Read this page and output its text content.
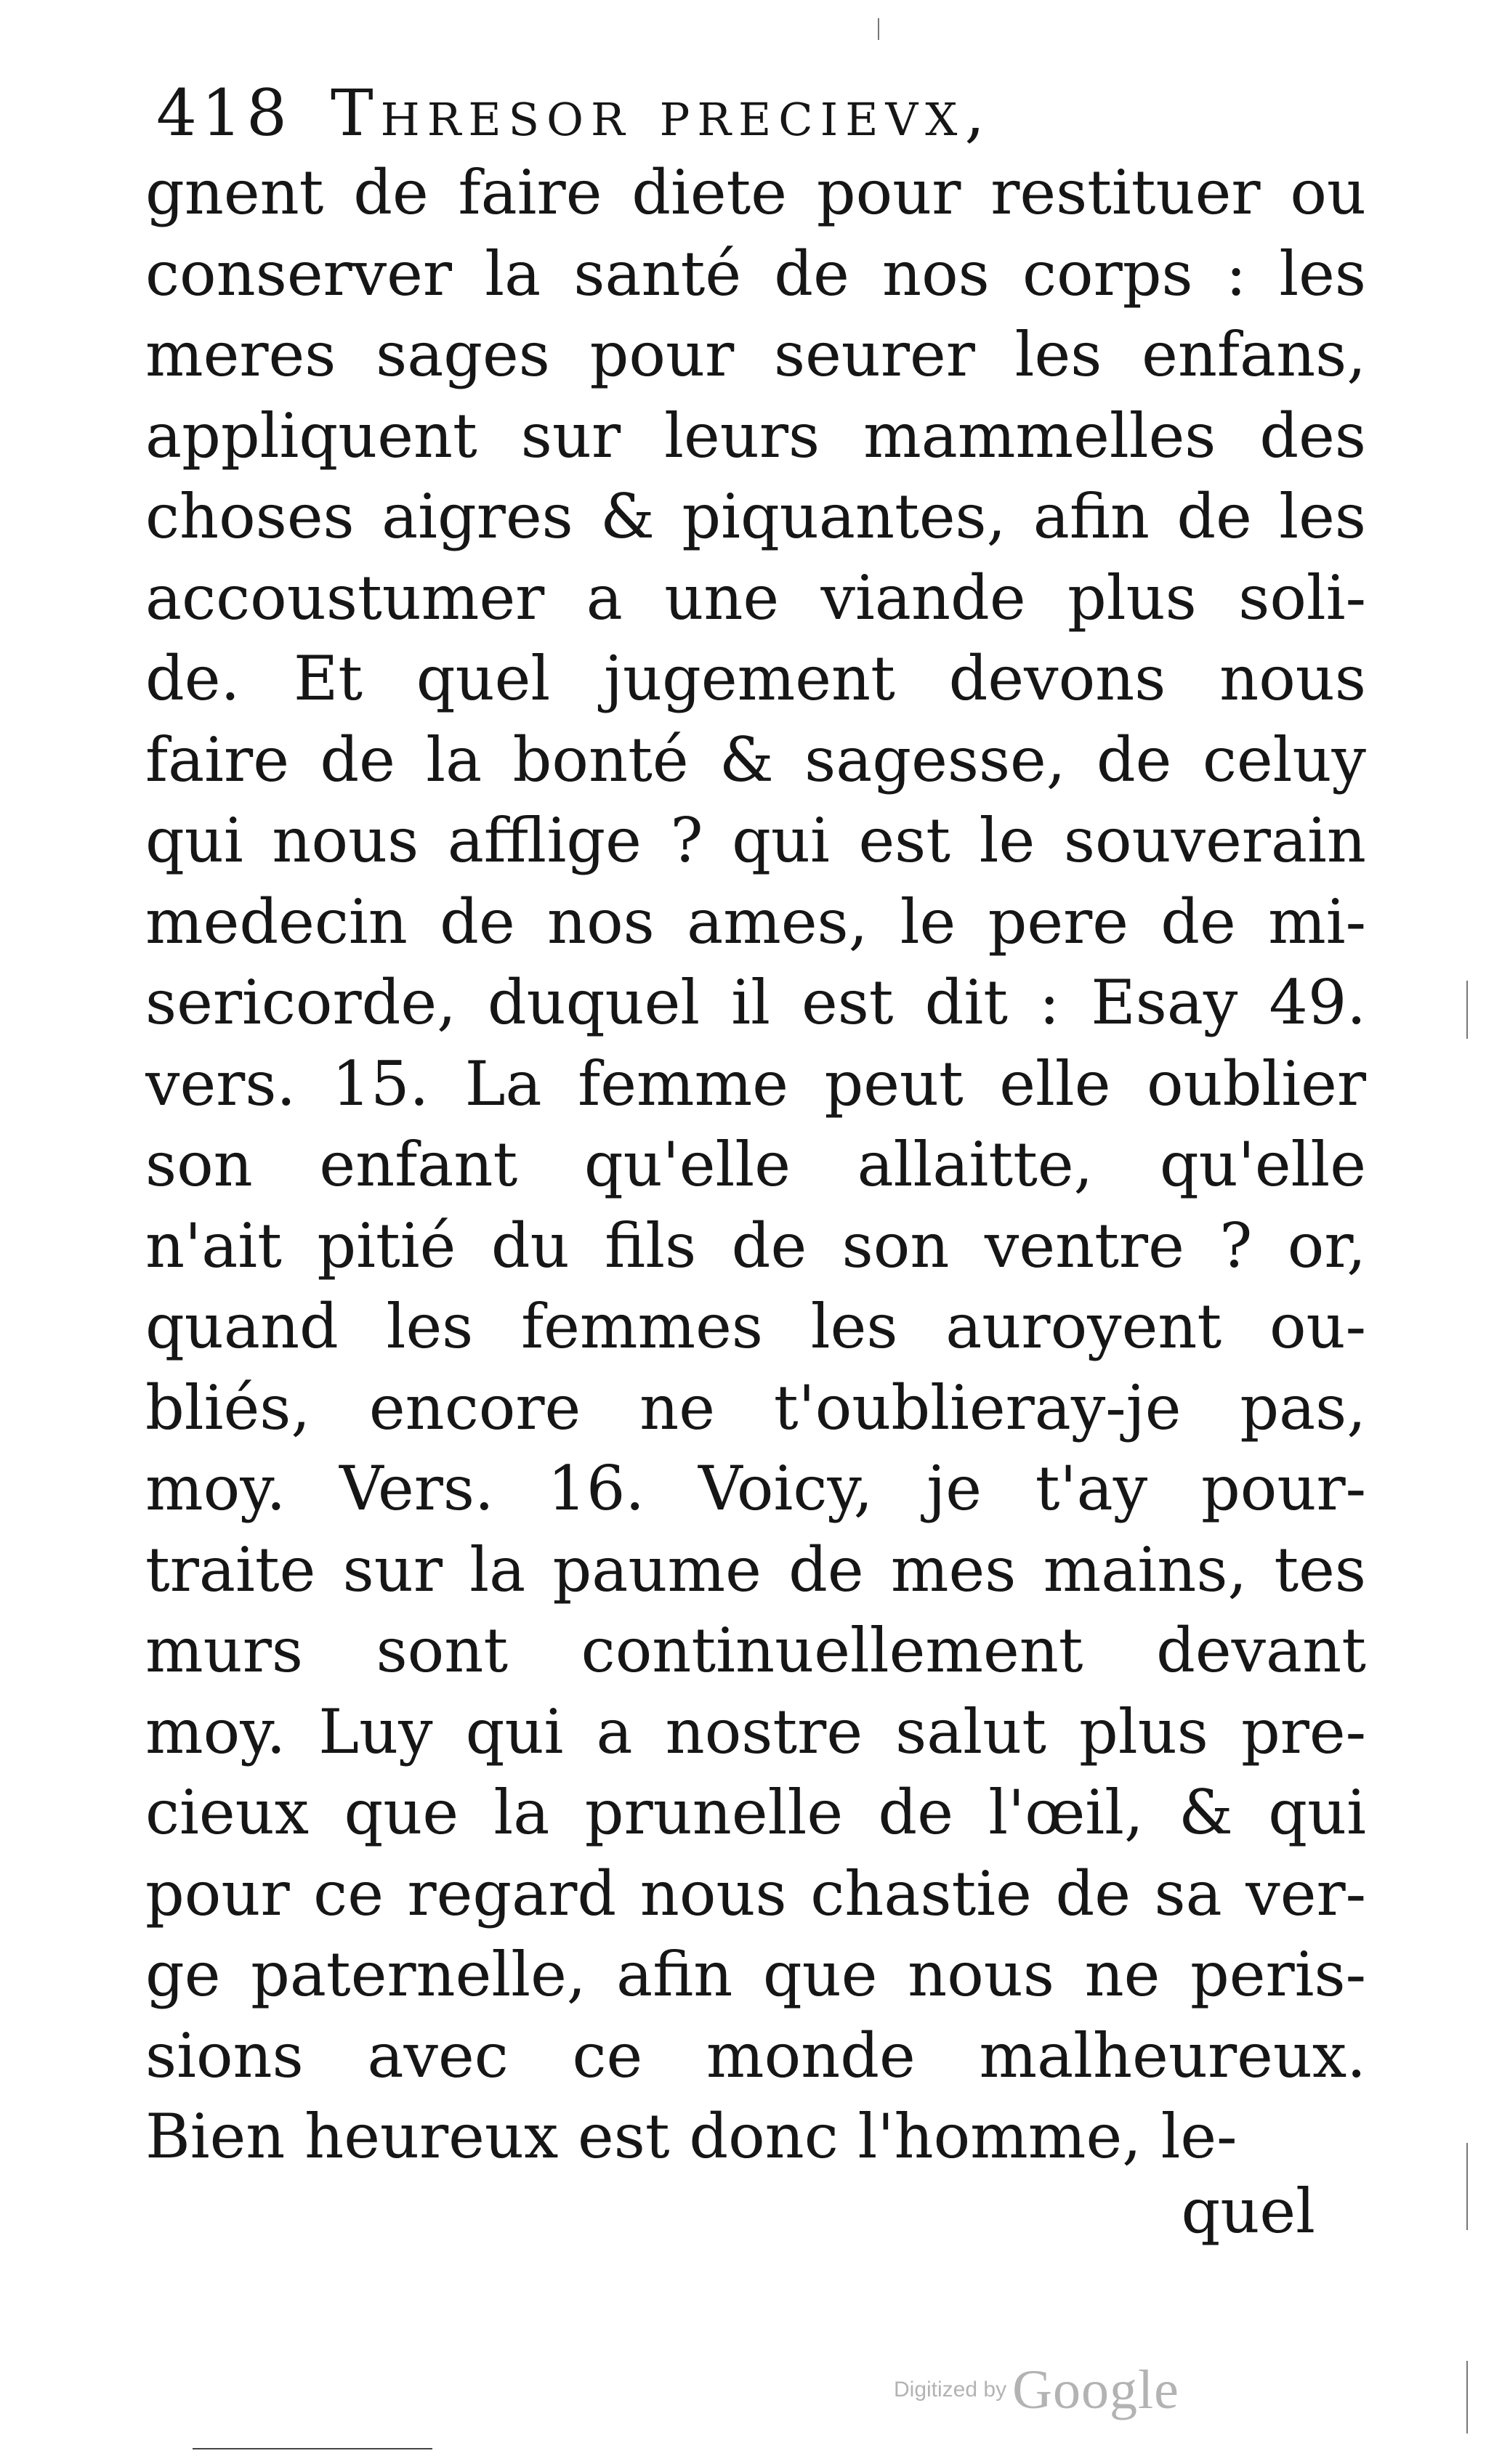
418 Thresor precievx,
gnent de faire diete pour restituer ou
conserver la santé de nos corps : les
meres sages pour seurer les enfans,
appliquent sur leurs mammelles des
choses aigres & piquantes, afin de les
accoustumer a une viande plus soli-
de. Et quel jugement devons nous
faire de la bonté & sagesse, de celuy
qui nous afflige ? qui est le souverain
medecin de nos ames, le pere de mi-
sericorde, duquel il est dit : Esay 49.
vers. 15. La femme peut elle oublier
son enfant qu'elle allaitte, qu'elle
n'ait pitié du fils de son ventre ? or,
quand les femmes les auroyent ou-
bliés, encore ne t'oublieray-je pas,
moy. Vers. 16. Voicy, je t'ay pour-
traite sur la paume de mes mains, tes
murs sont continuellement devant
moy. Luy qui a nostre salut plus pre-
cieux que la prunelle de l'œil, & qui
pour ce regard nous chastie de sa ver-
ge paternelle, afin que nous ne peris-
sions avec ce monde malheureux.
Bien heureux est donc l'homme, le-
quel
Digitized by Google
